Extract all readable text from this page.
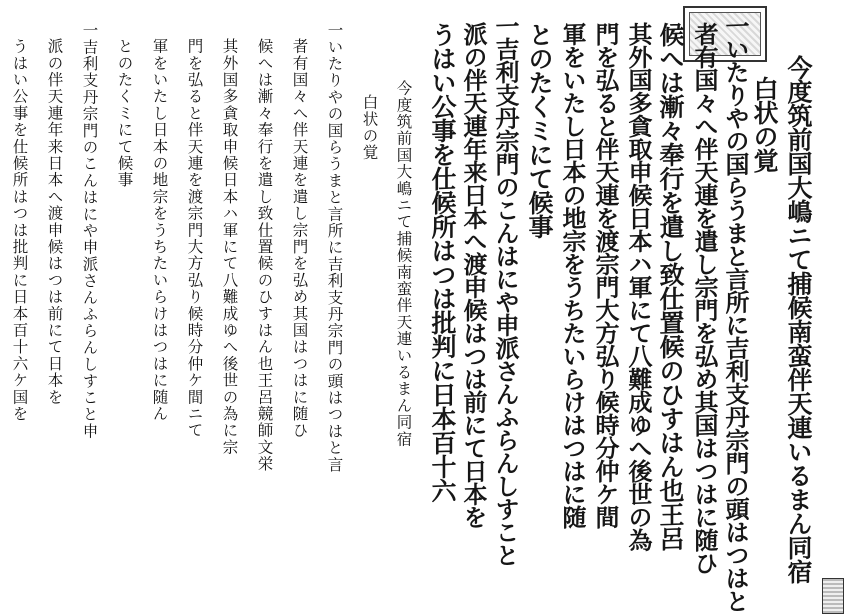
今度筑前国大嶋ニて捕候南蛮伴天連いるまん同宿
白状の覚
一いたりやの国らうまと言所に吉利支丹宗門の頭はつはと言
者有国々へ伴天連を遣し宗門を弘め其国はつはに随ひ
候へは漸々奉行を遣し致仕置候のひすはん也王呂競師文栄
其外国多貪取申候日本ハ軍にて八難成ゆへ後世の為に宗
門を弘ると伴天連を渡宗門大方弘り候時分仲ケ間ニて
軍をいたし日本の地宗をうちたいらけはつはに随ん
とのたくミにて候事
一吉利支丹宗門のこんはにや申派さんふらんしすこと申
派の伴天連年来日本へ渡申候はつは前にて日本を
うはい公事を仕候所はつは批判に日本百十六ケ国を	今度筑前国大嶋ニて捕候南蛮伴天連いるまん同宿
白状の覚
一いたりやの国らうまと言所に吉利支丹宗門の頭はつはと
者有国々へ伴天連を遣し宗門を弘め其国はつはに随ひ
候へは漸々奉行を遣し致仕置候のひすはん也王呂
其外国多貪取申候日本ハ軍にて八難成ゆへ後世の為
門を弘ると伴天連を渡宗門大方弘り候時分仲ケ間
軍をいたし日本の地宗をうちたいらけはつはに随
とのたくミにて候事
一吉利支丹宗門のこんはにや申派さんふらんしすこと
派の伴天連年来日本へ渡申候はつは前にて日本を
うはい公事を仕候所はつは批判に日本百十六
